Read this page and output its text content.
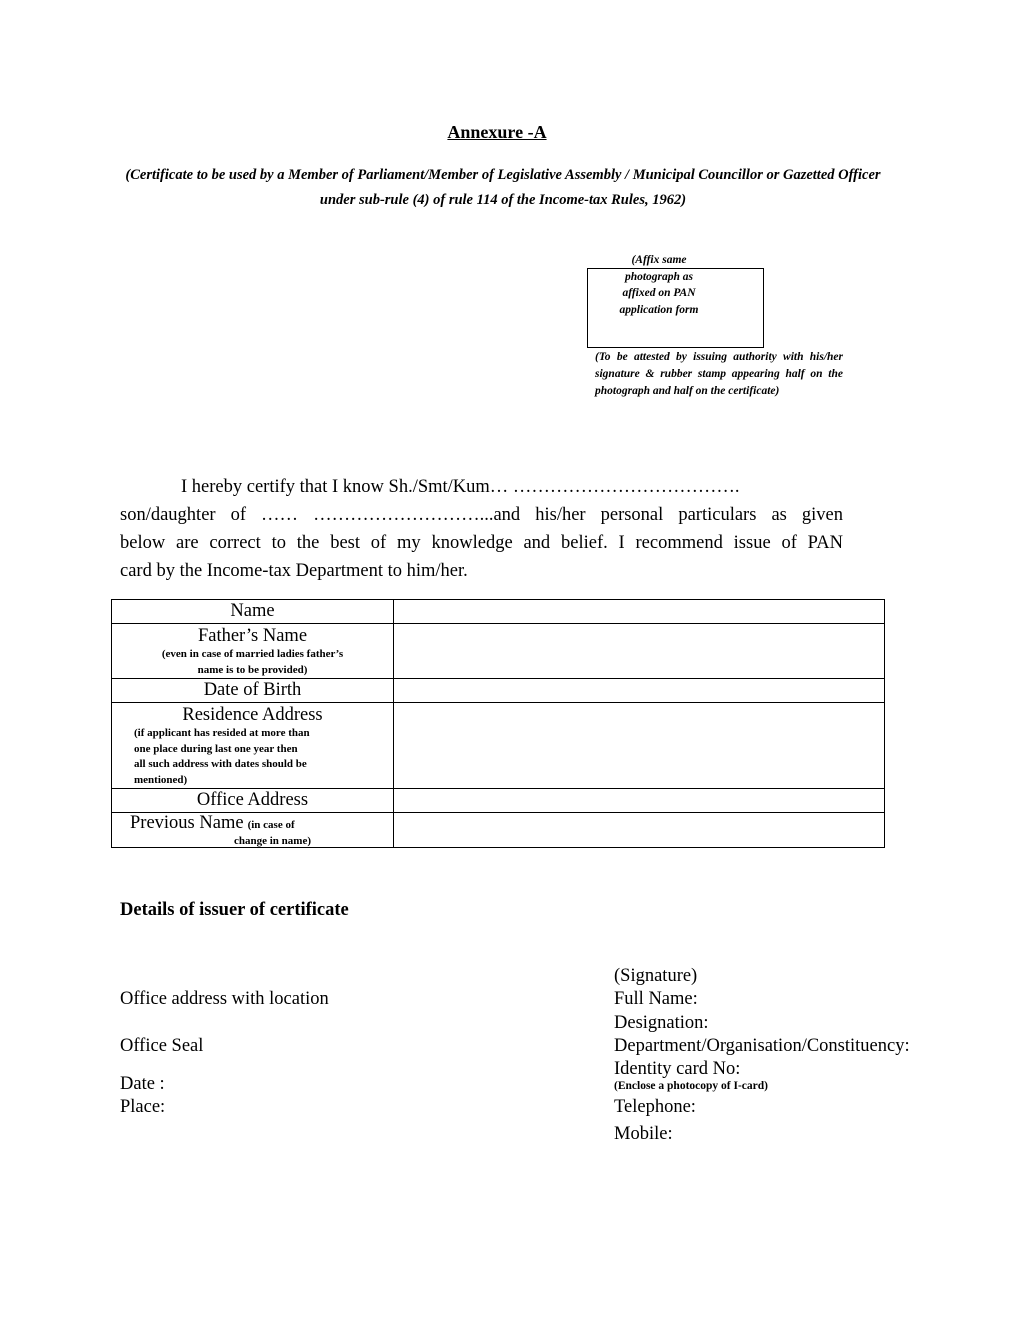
Annexure -A
(Certificate to be used by a Member of Parliament/Member of Legislative Assembly / Municipal Councillor or Gazetted Officer under sub-rule (4) of rule 114 of the Income-tax Rules, 1962)
(Affix same
photograph as
affixed on PAN
application form
(To be attested by issuing authority with his/her signature & rubber stamp appearing half on the photograph and half on the certificate)
I hereby certify that I know Sh./Smt/Kum… ……………………………….
son/daughter of …… ………………………...and his/her personal particulars as given
below are correct to the best of my knowledge and belief. I recommend issue of PAN
card by the Income-tax Department to him/her.
Name	

Father’s Name
(even in case of married ladies father’s
name is to be provided)	

Date of Birth	

Residence Address
(if applicant has resided at more than
one place during last one year then
all such address with dates should be
mentioned)	

Office Address	

Previous Name (in case of
change in name)	

Details of issuer of certificate
Office address with location
Office Seal
Date :
Place:
(Signature)
Full Name:
Designation:
Department/Organisation/Constituency:
Identity card No:
(Enclose a photocopy of I-card)
Telephone:
Mobile:
